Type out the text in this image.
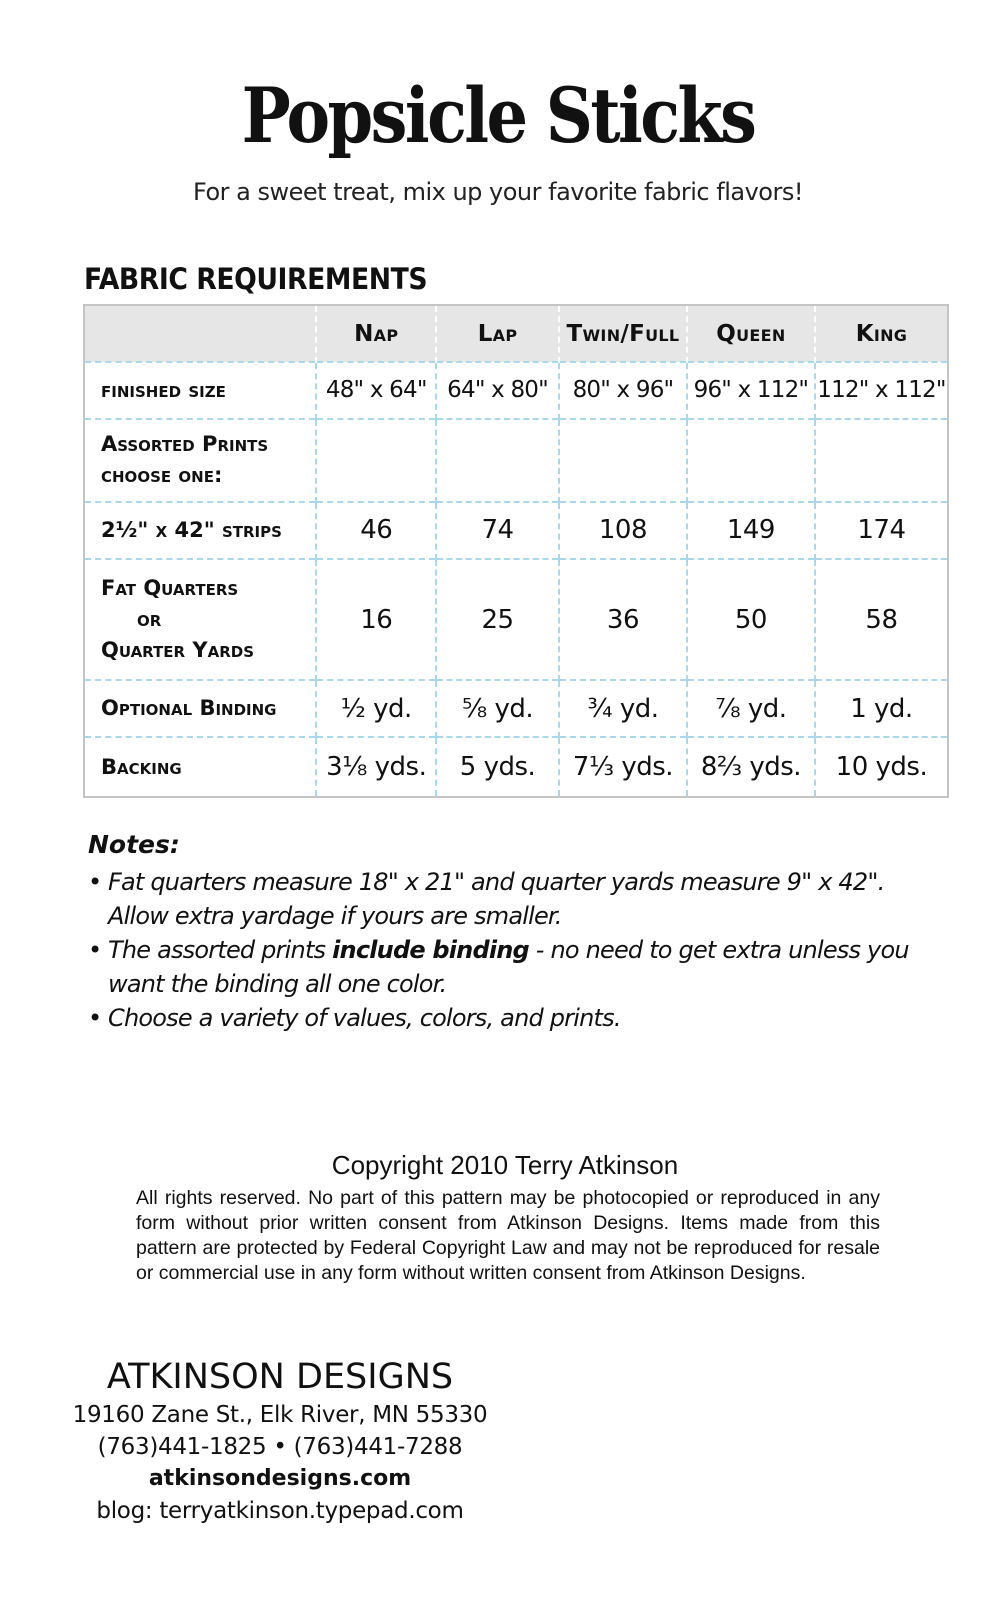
Popsicle Sticks
For a sweet treat, mix up your favorite fabric flavors!
FABRIC REQUIREMENTS
	Nap	Lap	Twin/Full	Queen	King
finished size	48" x 64"	64" x 80"	80" x 96"	96" x 112"	112" x 112"

Assorted Prints
choose one:					

2½" x 42" strips	46	74	108	149	174

Fat Quarters
or
Quarter Yards	16	25	36	50	58
Optional Binding	½ yd.	⅝ yd.	¾ yd.	⅞ yd.	1 yd.
Backing	3⅛ yds.	5 yds.	7⅓ yds.	8⅔ yds.	10 yds.
Notes:
• Fat quarters measure 18" x 21" and quarter yards measure 9" x 42". Allow extra yardage if yours are smaller.
• The assorted prints include binding - no need to get extra unless you want the binding all one color.
• Choose a variety of values, colors, and prints.
Copyright 2010 Terry Atkinson
All rights reserved. No part of this pattern may be photocopied or reproduced in any form without prior written consent from Atkinson Designs. Items made from this pattern are protected by Federal Copyright Law and may not be reproduced for resale or commercial use in any form without written consent from Atkinson Designs.
ATKINSON DESIGNS
19160 Zane St., Elk River, MN 55330
(763)441-1825 • (763)441-7288
atkinsondesigns.com
blog: terryatkinson.typepad.com
